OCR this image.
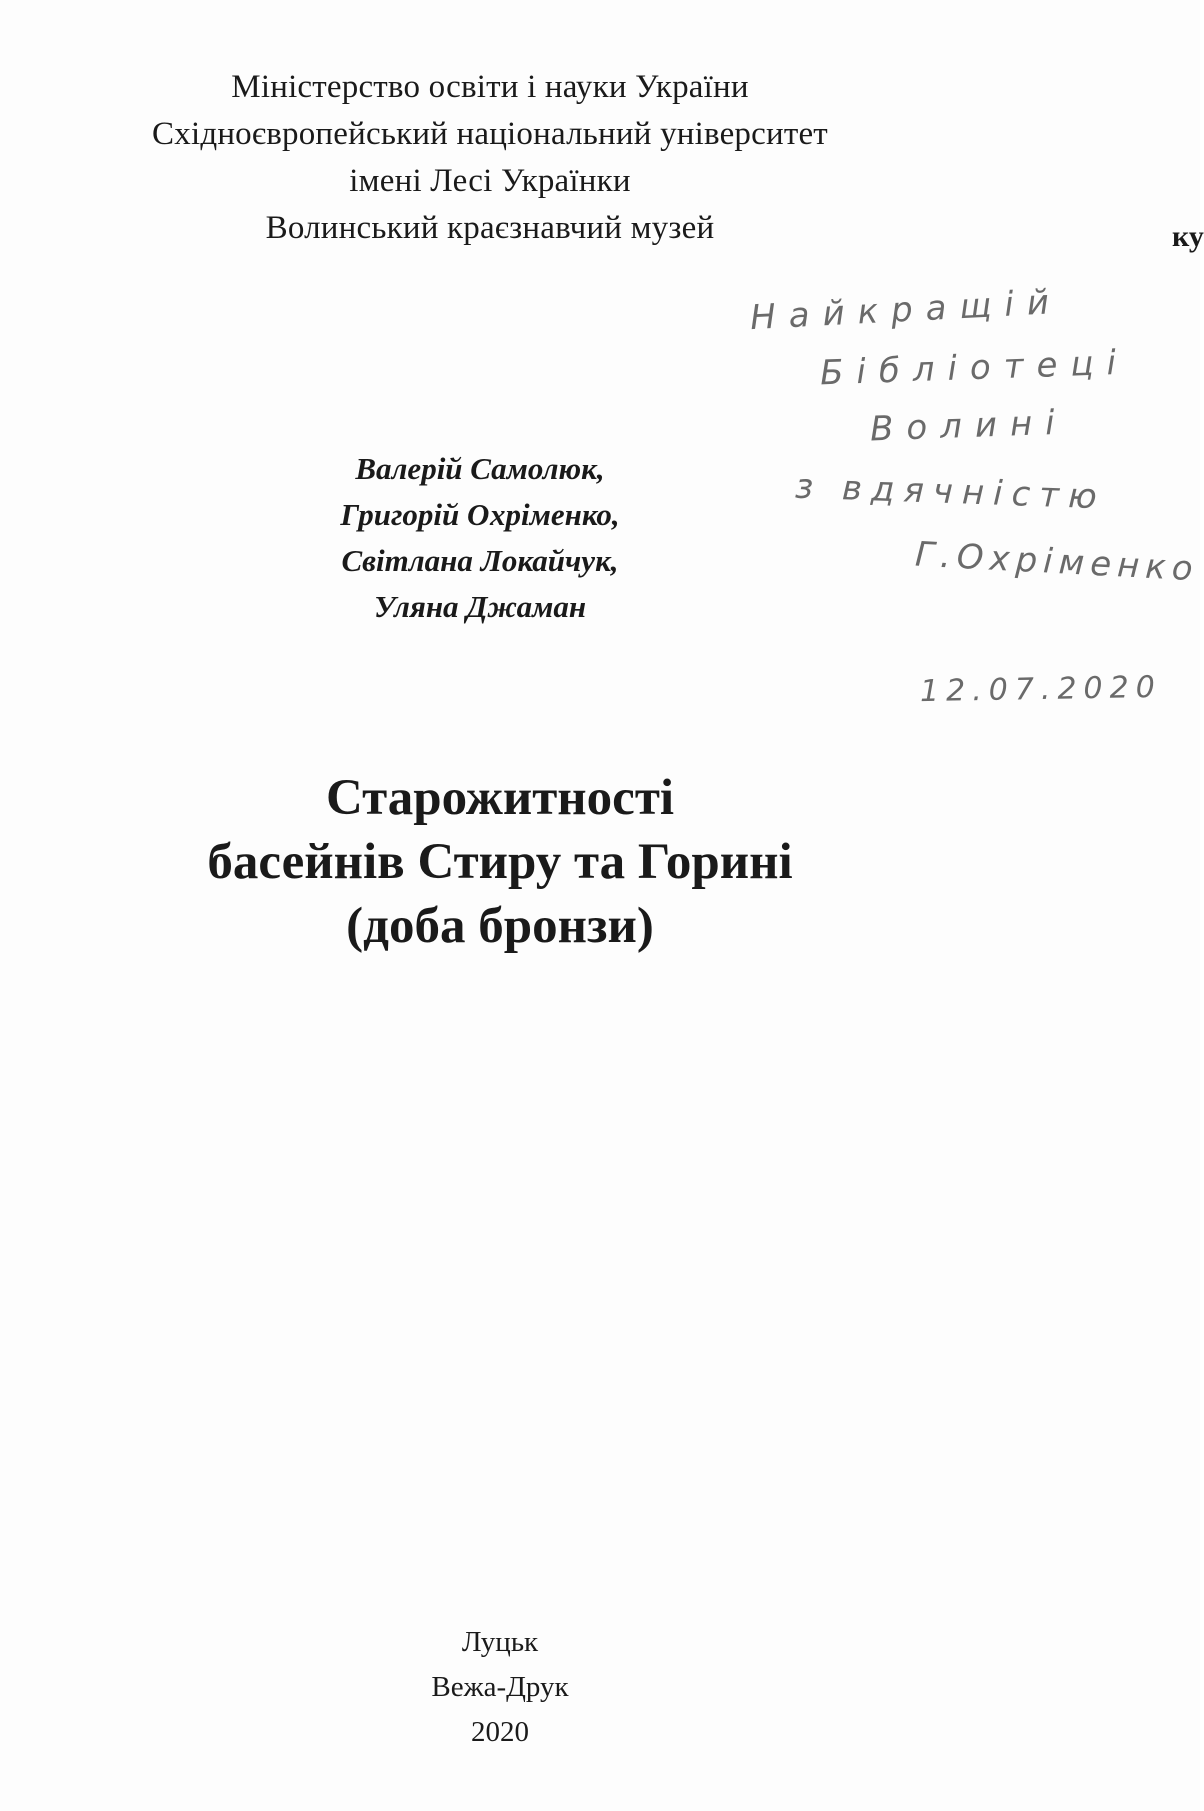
Міністерство освіти і науки України
Східноєвропейський національний університет
імені Лесі Українки
Волинський краєзнавчий музей	ку
Найкращій
Бібліотеці
Волині
з вдячністю
Г.Охріменко
12.07.2020
Валерій Самолюк,
Григорій Охріменко,
Світлана Локайчук,
Уляна Джаман
Старожитності
басейнів Стиру та Горині
(доба бронзи)
Луцьк
Вежа-Друк
2020
